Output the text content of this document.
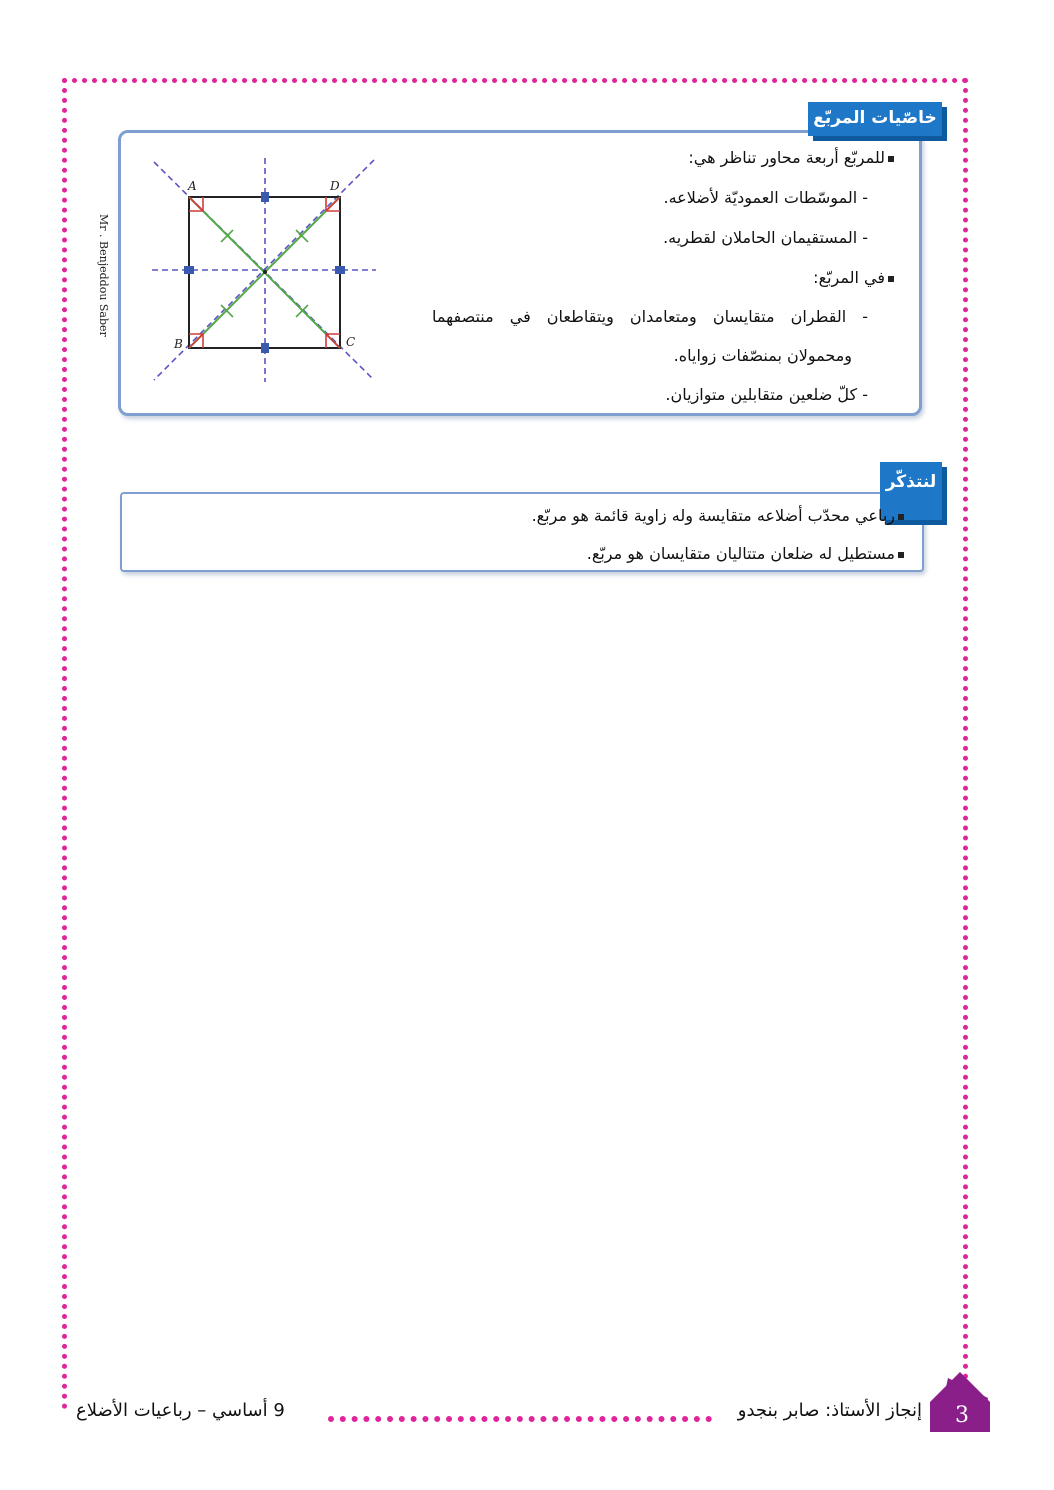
خاصّيات المربّع
للمربّع أربعة محاور تناظر هي:
- الموسّطات العموديّة لأضلاعه.
- المستقيمان الحاملان لقطريه.
في المربّع:
- القطران متقايسان ومتعامدان ويتقاطعان في منتصفهما
ومحمولان بمنصّفات زواياه.
- كلّ ضلعين متقابلين متوازيان.
Mr . Benjeddou Saber
A	D
B	C
لنتذكّر
رباعي محدّب أضلاعه متقايسة وله زاوية قائمة هو مربّع.
مستطيل له ضلعان متتاليان متقايسان هو مربّع.
إنجاز الأستاذ: صابر بنجدو
9 أساسي – رباعيات الأضلاع	3
